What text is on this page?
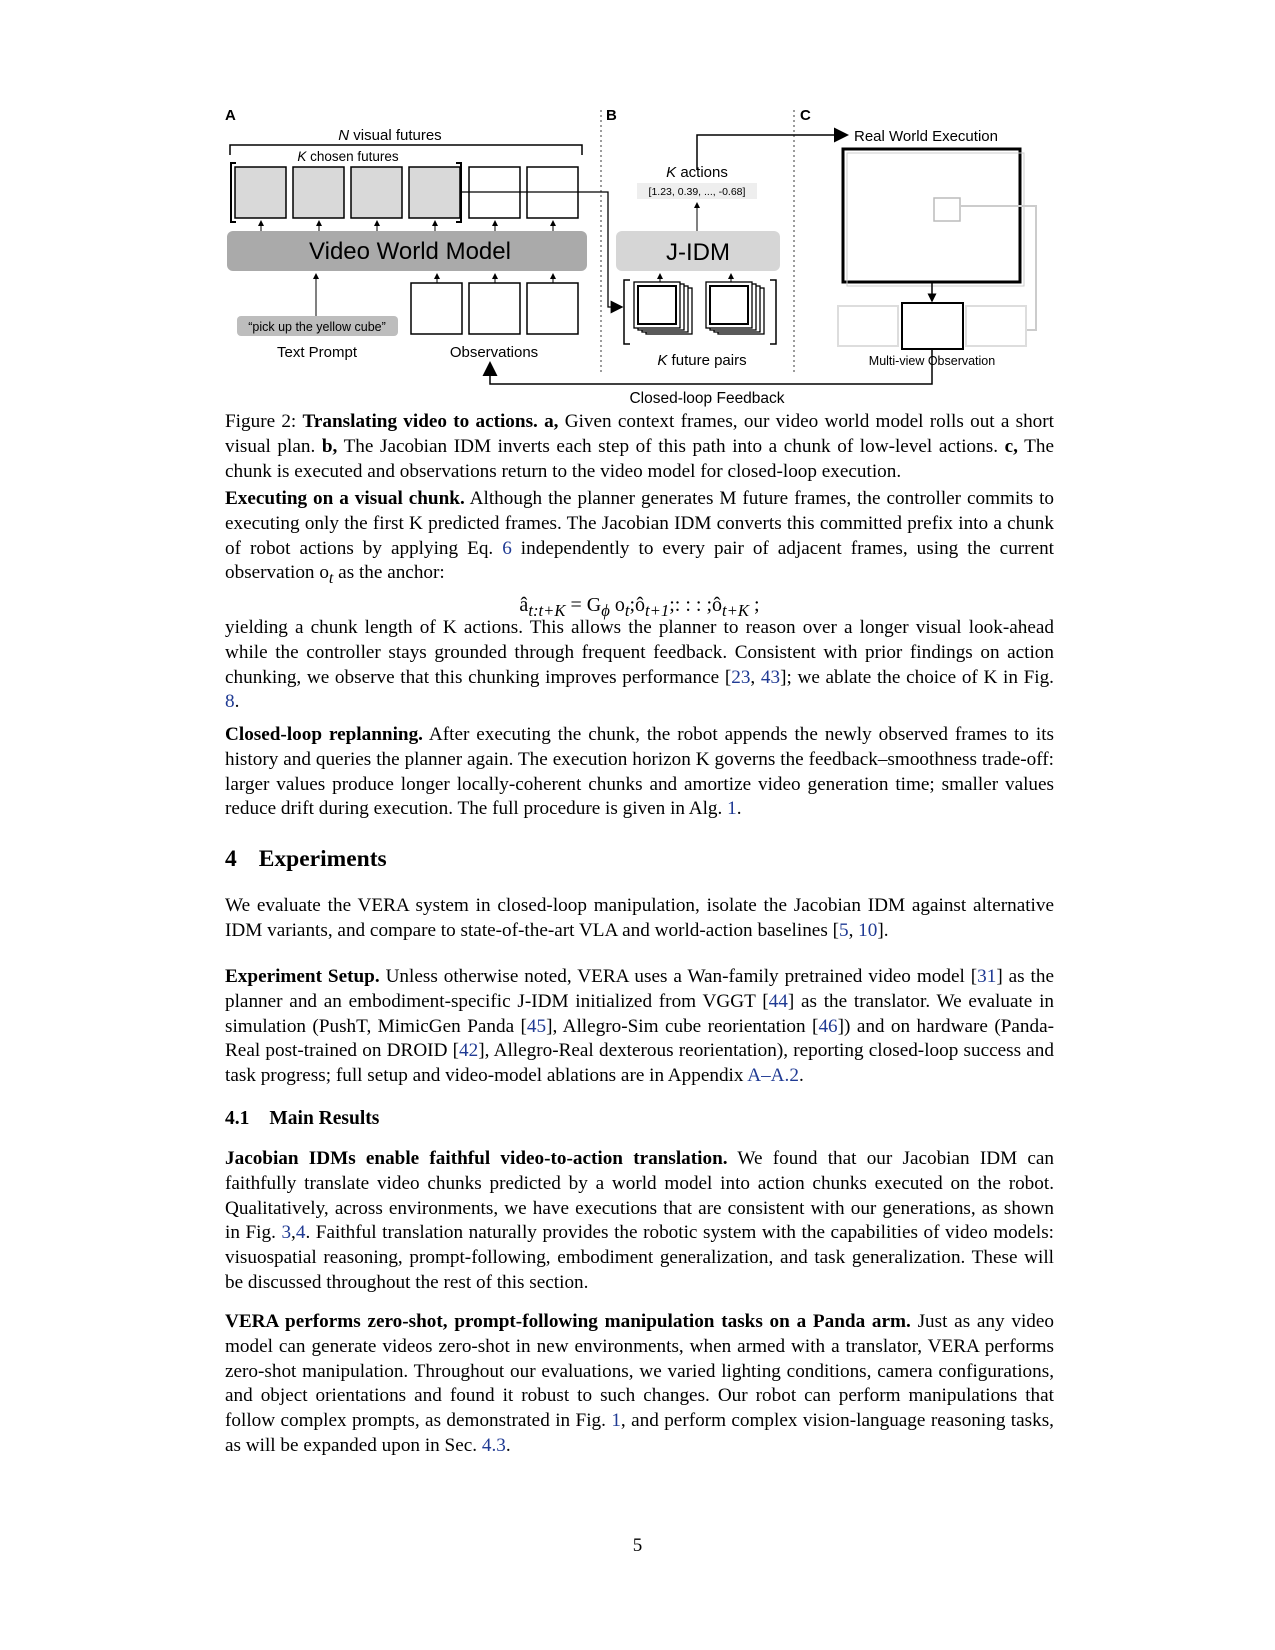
A	B	C
N visual futures
K chosen futures
Video World Model
“pick up the yellow cube”
Text Prompt	Observations
J-IDM
K actions
[1.23, 0.39, ..., -0.68]
K future pairs
Real World Execution
Multi-view Observation
Closed-loop Feedback

Figure 2: Translating video to actions. a, Given context frames, our video world model rolls out a short visual plan. b, The Jacobian IDM inverts each step of this path into a chunk of low-level actions. c, The chunk is executed and observations return to the video model for closed-loop execution.

Executing on a visual chunk. Although the planner generates M future frames, the controller commits to executing only the first K predicted frames. The Jacobian IDM converts this committed prefix into a chunk of robot actions by applying Eq. 6 independently to every pair of adjacent frames, using the current observation $o_t$ as the anchor:

$â_{t:t+K} = G_\phi$ $o_t;ô_{t+1}$;: : : $;ô_{t+K}$ ;

yielding a chunk length of K actions. This allows the planner to reason over a longer visual look-ahead while the controller stays grounded through frequent feedback. Consistent with prior findings on action chunking, we observe that this chunking improves performance [23, 43]; we ablate the choice of K in Fig. 8.

Closed-loop replanning. After executing the chunk, the robot appends the newly observed frames to its history and queries the planner again. The execution horizon K governs the feedback–smoothness trade-off: larger values produce longer locally-coherent chunks and amortize video generation time; smaller values reduce drift during execution. The full procedure is given in Alg. 1.

4 Experiments

We evaluate the VERA system in closed-loop manipulation, isolate the Jacobian IDM against alternative IDM variants, and compare to state-of-the-art VLA and world-action baselines [5, 10].

Experiment Setup. Unless otherwise noted, VERA uses a Wan-family pretrained video model [31] as the planner and an embodiment-specific J-IDM initialized from VGGT [44] as the translator. We evaluate in simulation (PushT, MimicGen Panda [45], Allegro-Sim cube reorientation [46]) and on hardware (Panda-Real post-trained on DROID [42], Allegro-Real dexterous reorientation), reporting closed-loop success and task progress; full setup and video-model ablations are in Appendix A–A.2.

4.1 Main Results

Jacobian IDMs enable faithful video-to-action translation. We found that our Jacobian IDM can faithfully translate video chunks predicted by a world model into action chunks executed on the robot. Qualitatively, across environments, we have executions that are consistent with our generations, as shown in Fig. 3,4. Faithful translation naturally provides the robotic system with the capabilities of video models: visuospatial reasoning, prompt-following, embodiment generalization, and task generalization. These will be discussed throughout the rest of this section.

VERA performs zero-shot, prompt-following manipulation tasks on a Panda arm. Just as any video model can generate videos zero-shot in new environments, when armed with a translator, VERA performs zero-shot manipulation. Throughout our evaluations, we varied lighting conditions, camera configurations, and object orientations and found it robust to such changes. Our robot can perform manipulations that follow complex prompts, as demonstrated in Fig. 1, and perform complex vision-language reasoning tasks, as will be expanded upon in Sec. 4.3.

5
